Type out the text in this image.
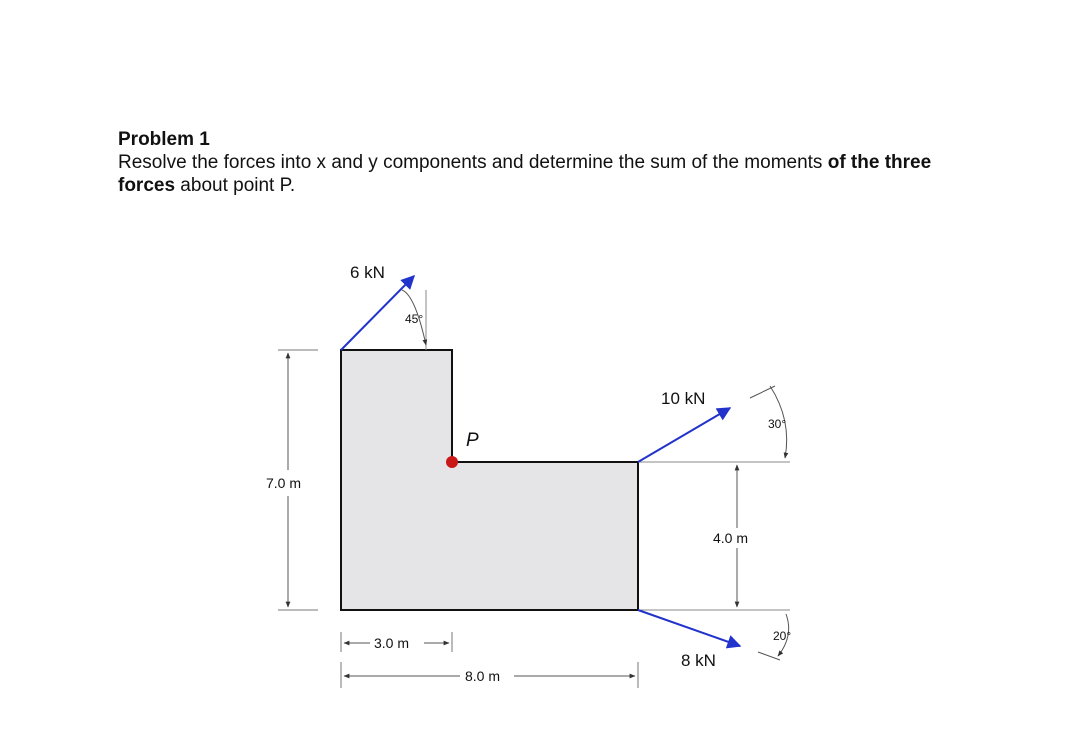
Problem 1
Resolve the forces into x and y components and determine the sum of the moments of the three forces about point P.
P
6 kN
45°
10 kN
30°
8 kN
20°
7.0 m
4.0 m
3.0 m
8.0 m
